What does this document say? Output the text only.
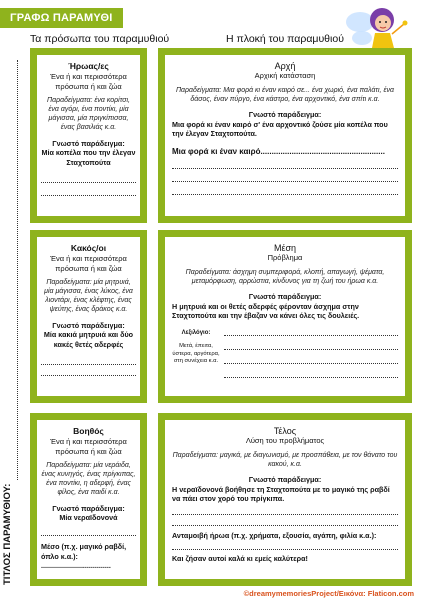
ΓΡΑΦΩ ΠΑΡΑΜΥΘΙ
Τα πρόσωπα του παραμυθιού	Η πλοκή του παραμυθιού
ΤΙΤΛΟΣ ΠΑΡΑΜΥΘΙΟΥ:
Ήρωας/ες
Ένα ή και περισσότερα πρόσωπα ή και ζώα
Παραδείγματα: ένα κορίτσι, ένα αγόρι, ένα ποντίκι, μία μάγισσα, μία πριγκίπισσα, ένας βασιλιάς κ.α.
Γνωστό παράδειγμα:
Μία κοπέλα που την έλεγαν Σταχτοπούτα
Κακός/οι
Ένα ή και περισσότερα πρόσωπα ή και ζώα
Παραδείγματα: μία μητρυιά, μία μάγισσα, ένας λύκος, ένα λιοντάρι, ένας κλέφτης, ένας ψεύτης, ένας δράκος κ.α.
Γνωστό παράδειγμα:
Μία κακιά μητρυιά και δύο κακές θετές αδερφές
Βοηθός
Ένα ή και περισσότερα πρόσωπα ή και ζώα
Παραδείγματα: μία νεράιδα, ένας κυνηγός, ένας πρίγκιπας, ένα ποντίκι, η αδερφή, ένας φίλος, ένα παιδί κ.α.
Γνωστό παράδειγμα:
Μία νεραϊδονονά
Μέσο (π.χ. μαγικό ραβδί, όπλο κ.α.): ...................................
Αρχή
Αρχική κατάσταση
Παραδείγματα: Μια φορά κι έναν καιρό σε... ένα χωριό, ένα παλάτι, ένα δάσος, έναν πύργο, ένα κάστρο, ένα αρχοντικό, ένα σπίτι κ.α.
Γνωστό παράδειγμα:
Μια φορά κι έναν καιρό σ' ένα αρχοντικό ζούσε μία κοπέλα που την έλεγαν Σταχτοπούτα.
Μια φορά κι έναν καιρό........................................................
Μέση
Πρόβλημα
Παραδείγματα: άσχημη συμπεριφορά, κλοπή, απαγωγή, ψέματα, μεταμόρφωση, αρρώστια, κίνδυνος για τη ζωή του ήρωα κ.α.
Γνωστό παράδειγμα:
Η μητρυιά και οι θετές αδερφές φέρονταν άσχημα στην Σταχτοπούτα και την έβαζαν να κάνει όλες τις δουλειές.
Λεξιλόγιο:
Μετά, έπειτα, ύστερα, αργότερα, στη συνέχεια κ.α.
Τέλος
Λύση του προβλήματος
Παραδείγματα: μαγικά, με διαγωνισμό, με προσπάθεια, με τον θάνατο του κακού, κ.α.
Γνωστό παράδειγμα:
Η νεραϊδονονά βοήθησε τη Σταχτοπούτα με το μαγικό της ραβδί να πάει στον χορό του πρίγκιπα.
Ανταμοιβή ήρωα (π.χ. χρήματα, εξουσία, αγάπη, φιλία κ.α.):
Και ζήσαν αυτοί καλά κι εμείς καλύτερα!
©dreamymemoriesProject/Εικόνα: Flaticon.com
